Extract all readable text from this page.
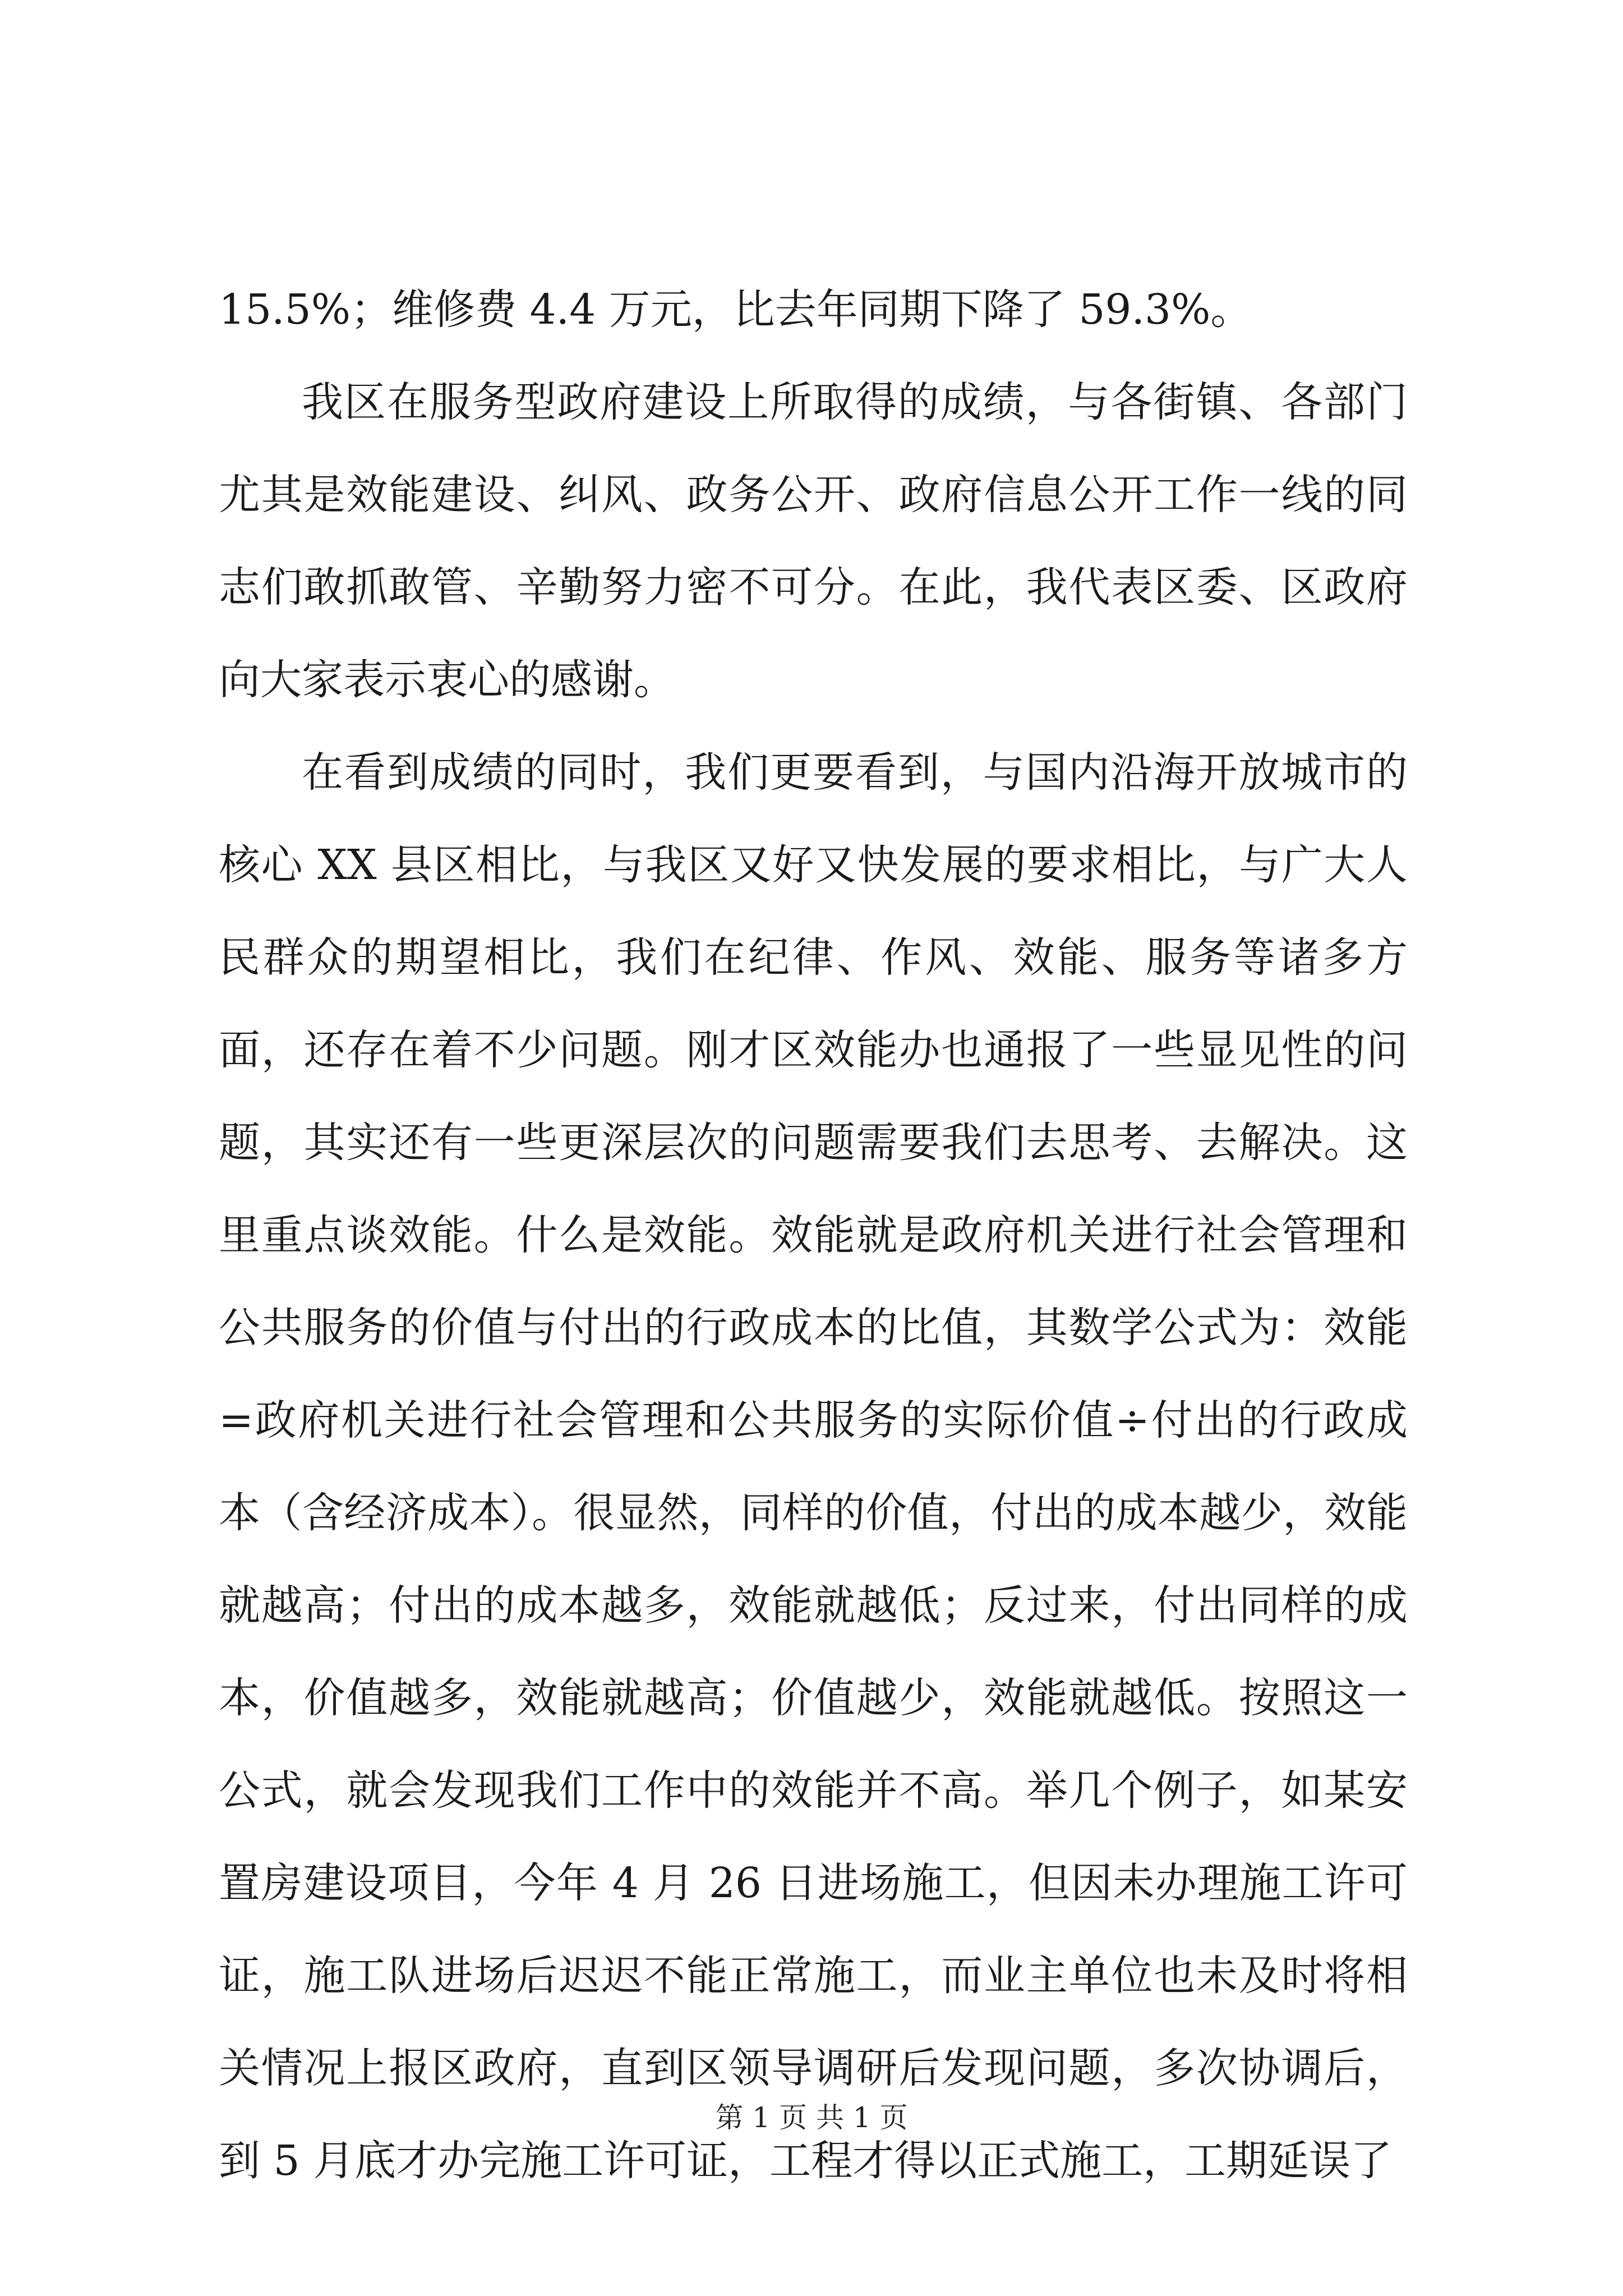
15.5%；维修费 4.4 万元，比去年同期下降了 59.3%。

我区在服务型政府建设上所取得的成绩，与各街镇、各部门尤其是效能建设、纠风、政务公开、政府信息公开工作一线的同志们敢抓敢管、辛勤努力密不可分。在此，我代表区委、区政府向大家表示衷心的感谢。

在看到成绩的同时，我们更要看到，与国内沿海开放城市的核心 XX 县区相比，与我区又好又快发展的要求相比，与广大人民群众的期望相比，我们在纪律、作风、效能、服务等诸多方面，还存在着不少问题。刚才区效能办也通报了一些显见性的问题，其实还有一些更深层次的问题需要我们去思考、去解决。这里重点谈效能。什么是效能。效能就是政府机关进行社会管理和公共服务的价值与付出的行政成本的比值，其数学公式为：效能=政府机关进行社会管理和公共服务的实际价值÷付出的行政成本（含经济成本）。很显然，同样的价值，付出的成本越少，效能就越高；付出的成本越多，效能就越低；反过来，付出同样的成本，价值越多，效能就越高；价值越少，效能就越低。按照这一公式，就会发现我们工作中的效能并不高。举几个例子，如某安置房建设项目，今年 4 月 26 日进场施工，但因未办理施工许可证，施工队进场后迟迟不能正常施工，而业主单位也未及时将相关情况上报区政府，直到区领导调研后发现问题，多次协调后，到 5 月底才办完施工许可证，工程才得以正式施工，工期延误了

第 1 页 共 1 页
